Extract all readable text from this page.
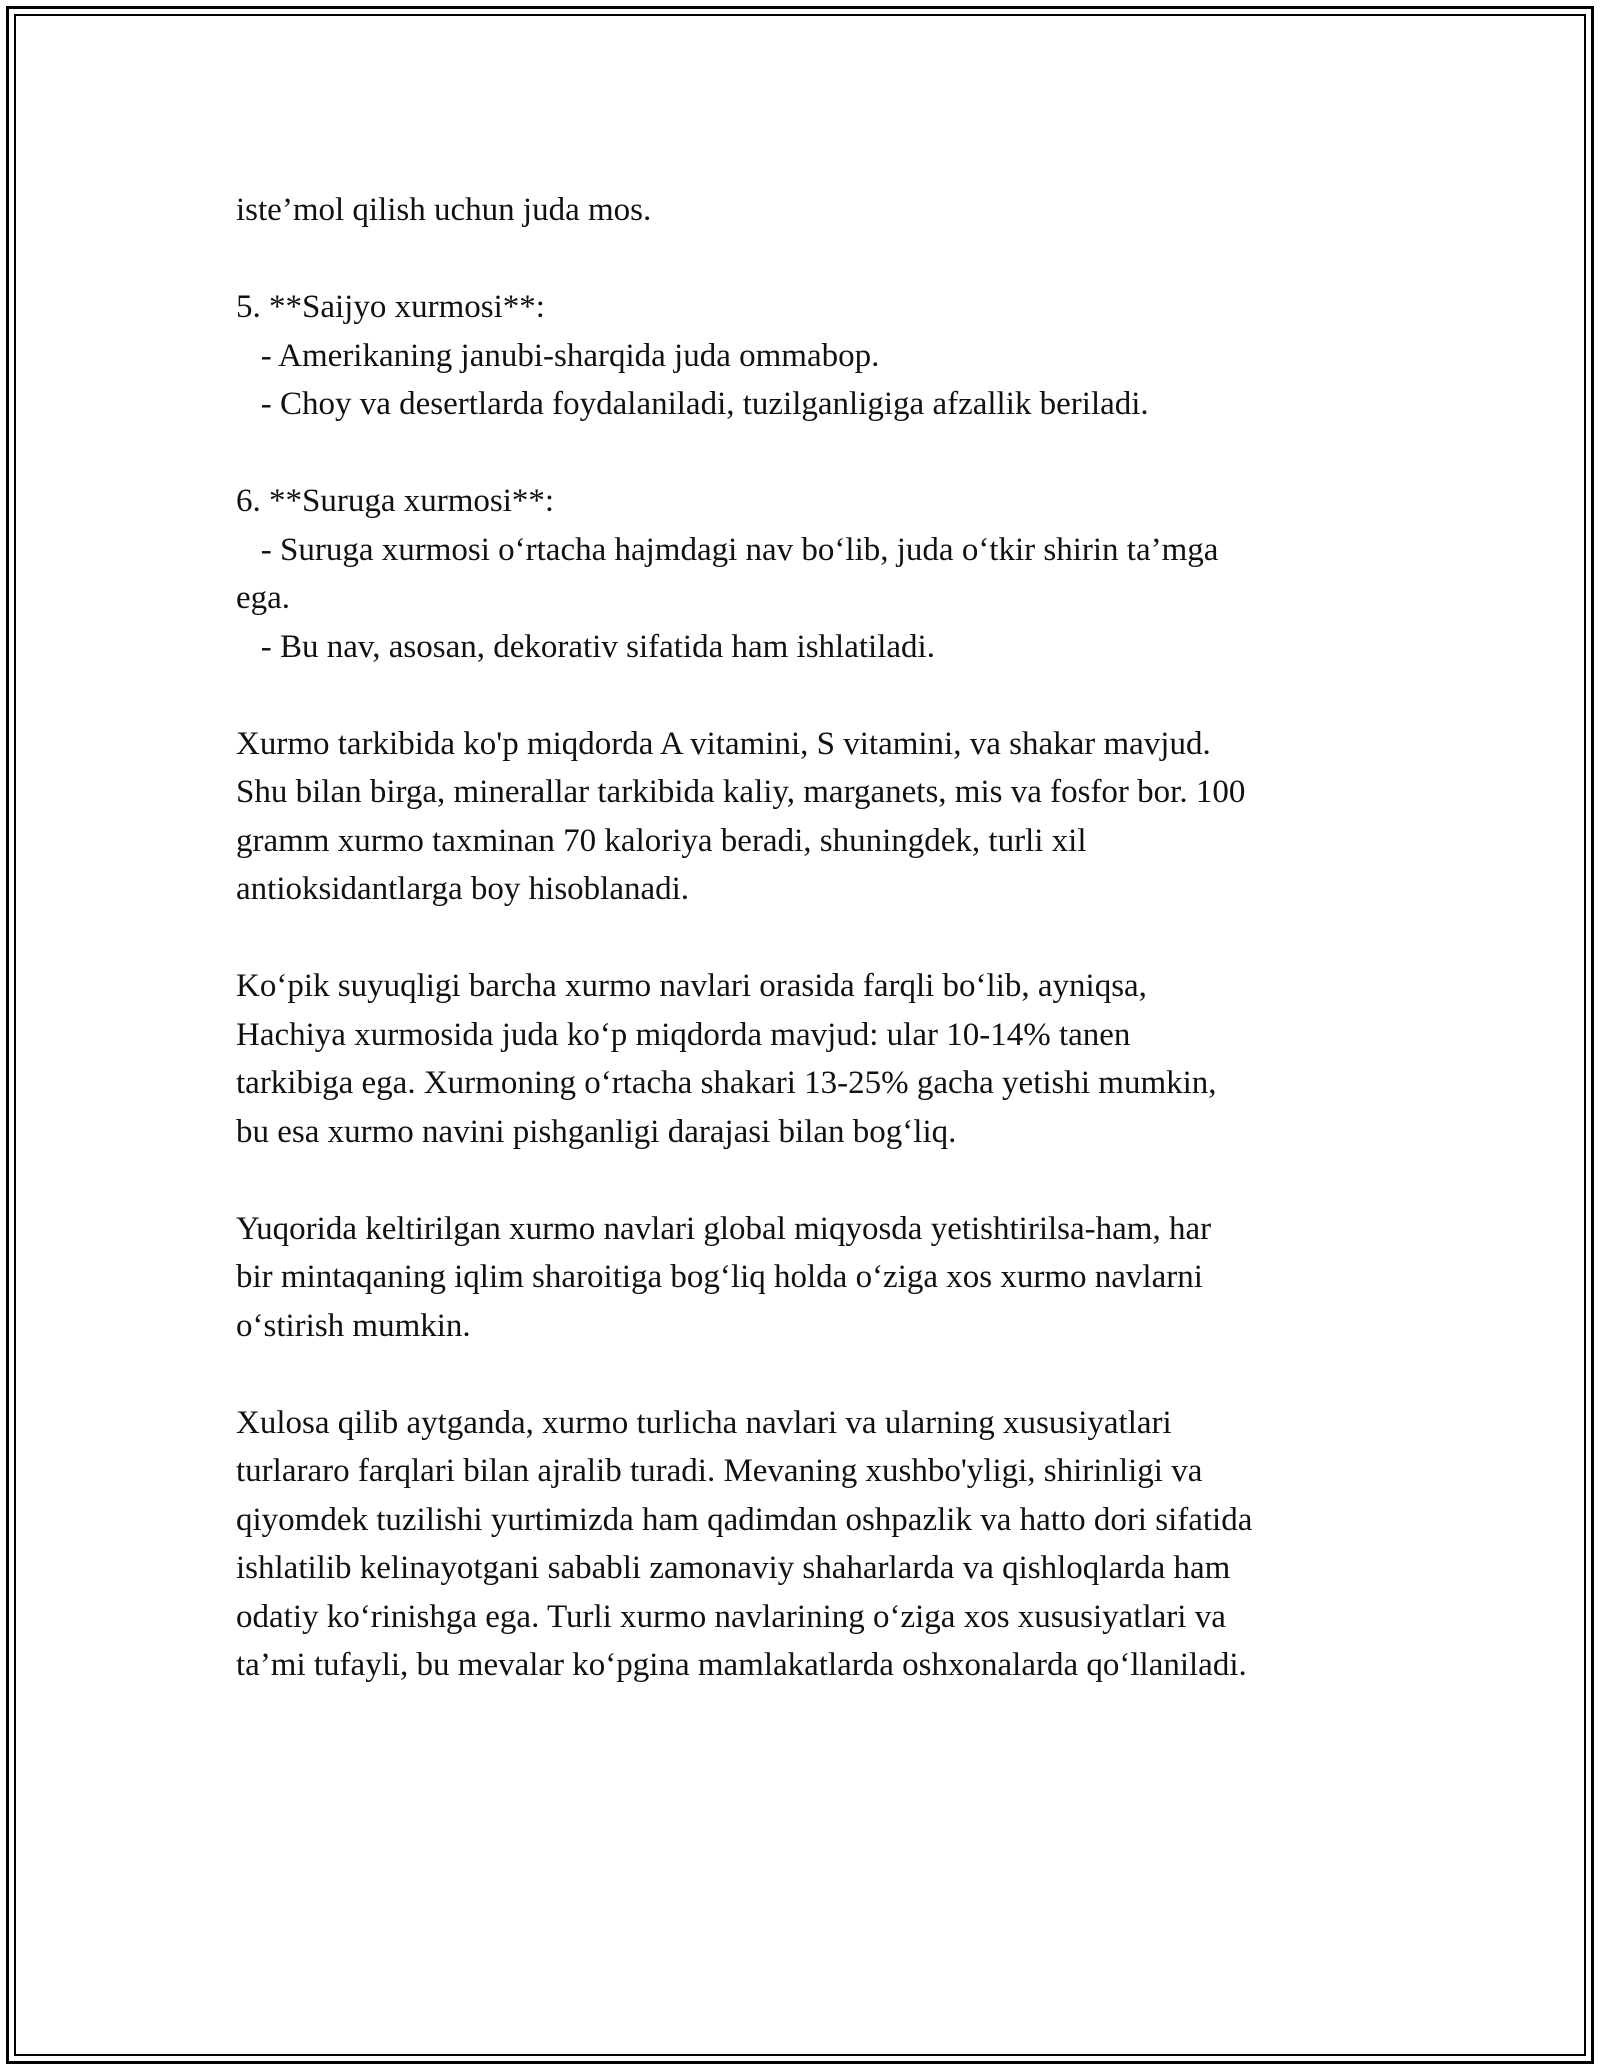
iste’mol qilish uchun juda mos.
5. **Saijyo xurmosi**:
- Amerikaning janubi-sharqida juda ommabop.
- Choy va desertlarda foydalaniladi, tuzilganligiga afzallik beriladi.
6. **Suruga xurmosi**:
- Suruga xurmosi o‘rtacha hajmdagi nav bo‘lib, juda o‘tkir shirin ta’mga
ega.
- Bu nav, asosan, dekorativ sifatida ham ishlatiladi.
Xurmo tarkibida ko'p miqdorda A vitamini, S vitamini, va shakar mavjud.
Shu bilan birga, minerallar tarkibida kaliy, marganets, mis va fosfor bor. 100
gramm xurmo taxminan 70 kaloriya beradi, shuningdek, turli xil
antioksidantlarga boy hisoblanadi.
Ko‘pik suyuqligi barcha xurmo navlari orasida farqli bo‘lib, ayniqsa,
Hachiya xurmosida juda ko‘p miqdorda mavjud: ular 10-14% tanen
tarkibiga ega. Xurmoning o‘rtacha shakari 13-25% gacha yetishi mumkin,
bu esa xurmo navini pishganligi darajasi bilan bog‘liq.
Yuqorida keltirilgan xurmo navlari global miqyosda yetishtirilsa-ham, har
bir mintaqaning iqlim sharoitiga bog‘liq holda o‘ziga xos xurmo navlarni
o‘stirish mumkin.
Xulosa qilib aytganda, xurmo turlicha navlari va ularning xususiyatlari
turlararo farqlari bilan ajralib turadi. Mevaning xushbo'yligi, shirinligi va
qiyomdek tuzilishi yurtimizda ham qadimdan oshpazlik va hatto dori sifatida
ishlatilib kelinayotgani sababli zamonaviy shaharlarda va qishloqlarda ham
odatiy ko‘rinishga ega. Turli xurmo navlarining o‘ziga xos xususiyatlari va
ta’mi tufayli, bu mevalar ko‘pgina mamlakatlarda oshxonalarda qo‘llaniladi.
